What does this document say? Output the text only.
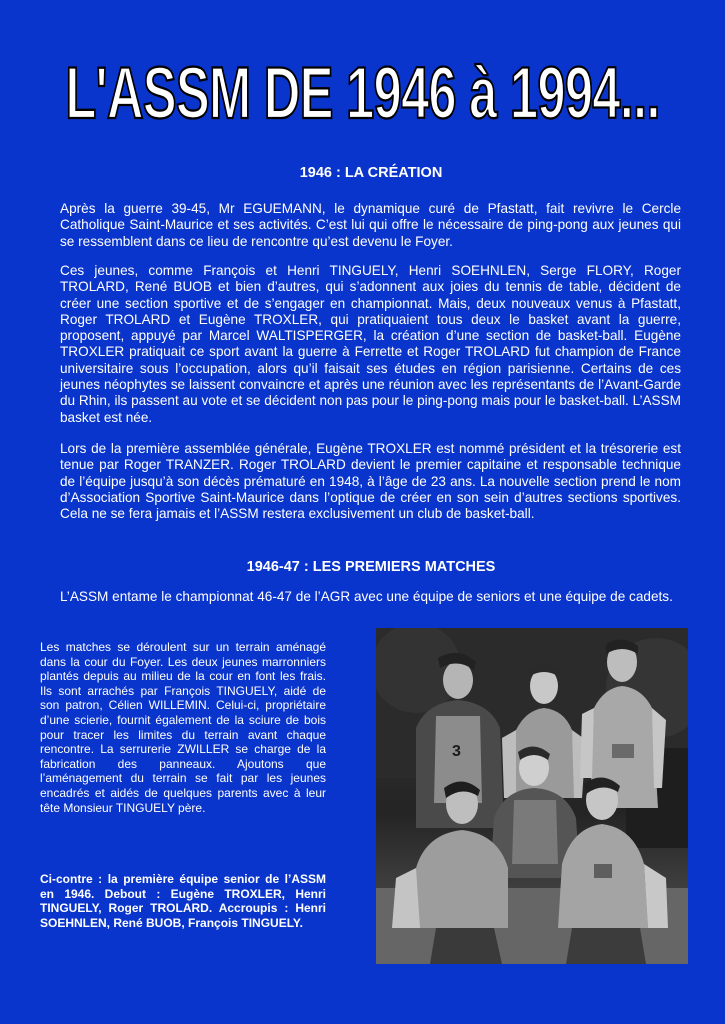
L'ASSM DE 1946 à 1994...
1946 : LA CRÉATION
Après la guerre 39-45, Mr EGUEMANN, le dynamique curé de Pfastatt, fait revivre le Cercle Catholique Saint-Maurice et ses activités. C’est lui qui offre le nécessaire de ping-pong aux jeunes qui se ressemblent dans ce lieu de rencontre qu’est devenu le Foyer.
Ces jeunes, comme François et Henri TINGUELY, Henri SOEHNLEN, Serge FLORY, Roger TROLARD, René BUOB et bien d’autres, qui s’adonnent aux joies du tennis de table, décident de créer une section sportive et de s’engager en championnat. Mais, deux nouveaux venus à Pfastatt, Roger TROLARD et Eugène TROXLER, qui pratiquaient tous deux le basket avant la guerre, proposent, appuyé par Marcel WALTISPERGER, la création d’une section de basket-ball. Eugène TROXLER pratiquait ce sport avant la guerre à Ferrette et Roger TROLARD fut champion de France universitaire sous l’occupation, alors qu’il faisait ses études en région parisienne. Certains de ces jeunes néophytes se laissent convaincre et après une réunion avec les représentants de l’Avant-Garde du Rhin, ils passent au vote et se décident non pas pour le ping-pong mais pour le basket-ball. L’ASSM basket est née.
Lors de la première assemblée générale, Eugène TROXLER est nommé président et la trésorerie est tenue par Roger TRANZER. Roger TROLARD devient le premier capitaine et responsable technique de l’équipe jusqu’à son décès prématuré en 1948, à l’âge de 23 ans. La nouvelle section prend le nom d’Association Sportive Saint-Maurice dans l’optique de créer en son sein d’autres sections sportives. Cela ne se fera jamais et l’ASSM restera exclusivement un club de basket-ball.
1946-47 : LES PREMIERS MATCHES
L’ASSM entame le championnat 46-47 de l’AGR avec une équipe de seniors et une équipe de cadets.
Les matches se déroulent sur un terrain aménagé dans la cour du Foyer. Les deux jeunes marronniers plantés depuis au milieu de la cour en font les frais. Ils sont arrachés par François TINGUELY, aidé de son patron, Célien WILLEMIN. Celui-ci, propriétaire d’une scierie, fournit également de la sciure de bois pour tracer les limites du terrain avant chaque rencontre. La serrurerie ZWILLER se charge de la fabrication des panneaux. Ajoutons que l’aménagement du terrain se fait par les jeunes encadrés et aidés de quelques parents avec à leur tête Monsieur TINGUELY père.
Ci-contre : la première équipe senior de l’ASSM en 1946. Debout : Eugène TROXLER, Henri TINGUELY, Roger TROLARD. Accroupis : Henri SOEHNLEN, René BUOB, François TINGUELY.
3
